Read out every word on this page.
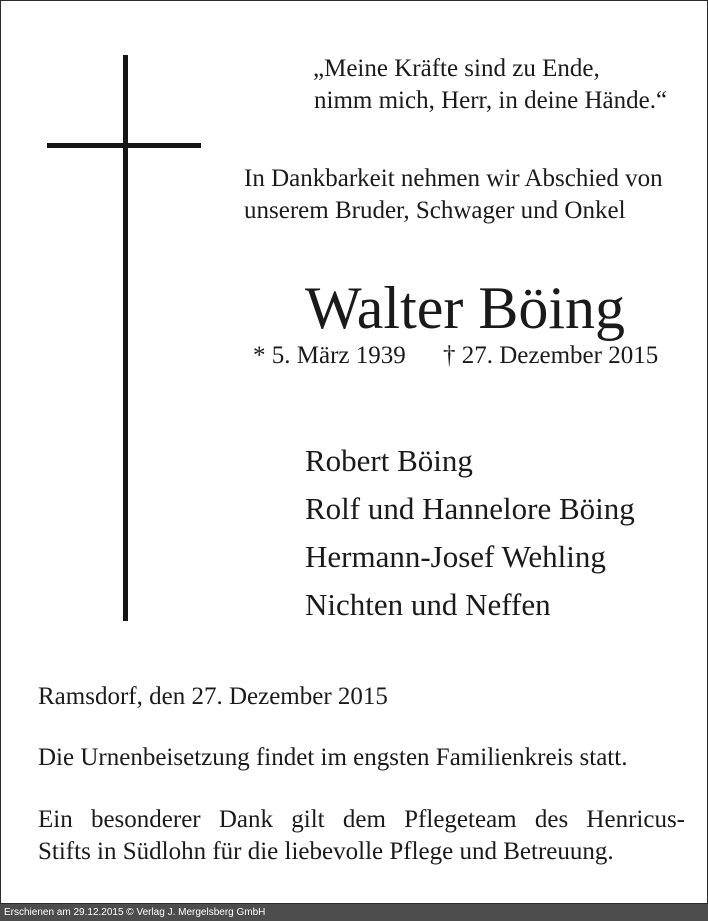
„Meine Kräfte sind zu Ende,
nimm mich, Herr, in deine Hände.“
In Dankbarkeit nehmen wir Abschied von
unserem Bruder, Schwager und Onkel
Walter Böing
* 5. März 1939 † 27. Dezember 2015
Robert Böing
Rolf und Hannelore Böing
Hermann-Josef Wehling
Nichten und Neffen
Ramsdorf, den 27. Dezember 2015
Die Urnenbeisetzung findet im engsten Familienkreis statt.
Ein besonderer Dank gilt dem Pflegeteam des Henricus-
Stifts in Südlohn für die liebevolle Pflege und Betreuung.
Erschienen am 29.12.2015 © Verlag J. Mergelsberg GmbH
